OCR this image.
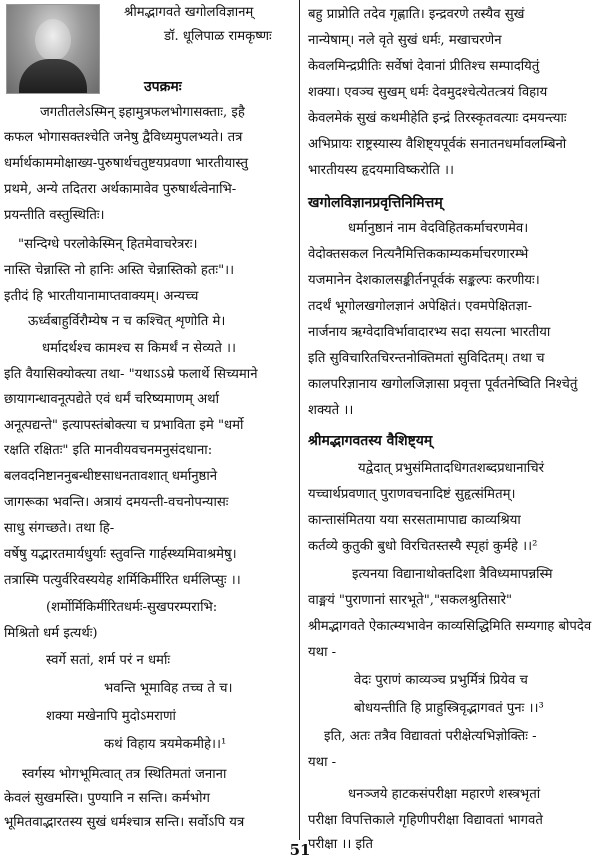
श्रीमद्भागवते खगोलविज्ञानम्
डॉ. धूलिपाळ रामकृष्णः
उपक्रमः
जगतीतलेऽस्मिन् इहामुत्रफलभोगासक्ताः, इहै
कफल भोगासक्तश्चेति जनेषु द्वैविध्यमुपलभ्यते। तत्र
धर्मार्थकाममोक्षाख्य-पुरुषार्थचतुष्टयप्रवणा भारतीयास्तु
प्रथमे, अन्ये तदितरा अर्थकामावेव पुरुषार्थत्वेनाभि-
प्रयन्तीति वस्तुस्थितिः।
"सन्दिग्धे परलोकेस्मिन् हितमेवाचरेत्ररः।
नास्ति चेन्नास्ति नो हानिः अस्ति चेन्नास्तिको हतः"।।
इतीदं हि भारतीयानामाप्तवाक्यम्। अन्यच्च
ऊर्ध्वबाहुर्विरौम्येष न च कश्चित् शृणोति मे।
धर्मादर्थश्च कामश्च स किमर्थं न सेव्यते ।।
इति वैयासिक्योक्त्या तथा- "यथाऽऽम्रे फलार्थे सिच्यमाने
छायागन्धावनूत्पद्येते एवं धर्मं चरिष्यमाणम् अर्था
अनूत्पद्यन्ते" इत्यापस्तंबोक्त्या च प्रभाविता इमे "धर्मो
रक्षति रक्षितः" इति मानवीयवचनमनुसंदधाना:
बलवदनिष्टाननुबन्धीष्टसाधनतावशात् धर्मानुष्ठाने
जागरूका भवन्ति। अत्रायं दमयन्ती-वचनोपन्यासः
साधु संगच्छते। तथा हि-
वर्षेषु यद्भारतमार्यधुर्याः स्तुवन्ति गार्हस्थ्यमिवाश्रमेषु।
तत्रास्मि पत्युर्वरिवस्ययेह शर्मिकिर्मीरित धर्मलिप्सुः ।।
(शर्मोर्मिकिर्मीरितधर्मः-सुखपरम्पराभि:
मिश्रितो धर्म इत्यर्थः)
स्वर्गे सतां, शर्म परं न धर्माः
भवन्ति भूमाविह तच्च ते च।
शक्या मखेनापि मुदोऽमराणां
कथं विहाय त्रयमेकमीहे।।¹
स्वर्गस्य भोगभूमित्वात् तत्र स्थितिमतां जनाना
केवलं सुखमस्ति। पुण्यानि न सन्ति। कर्मभोग
भूमितवाद्भारतस्य सुखं धर्मश्चात्र सन्ति। सर्वोऽपि यत्र
बहु प्राप्नोति तदेव गृह्णाति। इन्द्रवरणे तस्यैव सुखं
नान्येषाम्। नले वृते सुखं धर्मः, मखाचरणेन
केवलमिन्द्रप्रीतिः सर्वेषां देवानां प्रीतिश्च सम्पादयितुं
शक्या। एवञ्च सुखम् धर्मः देवमुदश्चेत्येतत्त्रयं विहाय
केवलमेकं सुखं कथमीहेति इन्द्रं तिरस्कृतवत्याः दमयन्त्याः
अभिप्रायः राष्ट्रस्यास्य वैशिष्ट्यपूर्वकं सनातनधर्मावलम्बिनो
भारतीयस्य हृदयमाविष्करोति ।।
खगोलविज्ञानप्रवृत्तिनिमित्तम्
धर्मानुष्ठानं नाम वेदविहितकर्माचरणमेव।
वेदोक्तसकल नित्यनैमित्तिककाम्यकर्माचरणारम्भे
यजमानेन देशकालसङ्कीर्तनपूर्वकं सङ्कल्पः करणीयः।
तदर्थं भूगोलखगोलज्ञानं अपेक्षितं। एवमपेक्षितज्ञा-
नार्जनाय ऋग्वेदाविर्भावादारभ्य सदा सयत्ना भारतीया
इति सुविचारितचिरन्तनोक्तिमतां सुविदितम्। तथा च
कालपरिज्ञानाय खगोलजिज्ञासा प्रवृत्ता पूर्वतनेष्विति निश्चेतुं
शक्यते ।।
श्रीमद्भागवतस्य वैशिष्ट्यम्
यद्वेदात् प्रभुसंमितादधिगतशब्दप्रधानाचिरं
यच्चार्थप्रवणात् पुराणवचनादिष्टं सुहृत्संमितम्।
कान्तासंमितया यया सरसतामापाद्य काव्यश्रिया
कर्तव्ये कुतुकी बुधो विरचितस्तस्यै स्पृहां कुर्महे ।।²
इत्यनया विद्यानाथोक्तदिशा त्रैविध्यमापन्नस्मि
वाङ्मयं "पुराणानां सारभूते","सकलश्रुतिसारे"
श्रीमद्भागवते ऐकात्म्यभावेन काव्यसिद्धिमिति सम्यगाह बोपदेव
यथा -
वेदः पुराणं काव्यञ्च प्रभुर्मित्रं प्रियेव च
बोधयन्तीति हि प्राहुस्त्रिवृद्भागवतं पुनः ।।³
इति, अतः तत्रैव विद्यावतां परीक्षेत्यभिज्ञोक्तिः -
यथा -
धनञ्जये हाटकसंपरीक्षा महारणे शस्त्रभृतां
परीक्षा विपत्तिकाले गृहिणीपरीक्षा विद्यावतां भागवते
परीक्षा ।। इति
51
